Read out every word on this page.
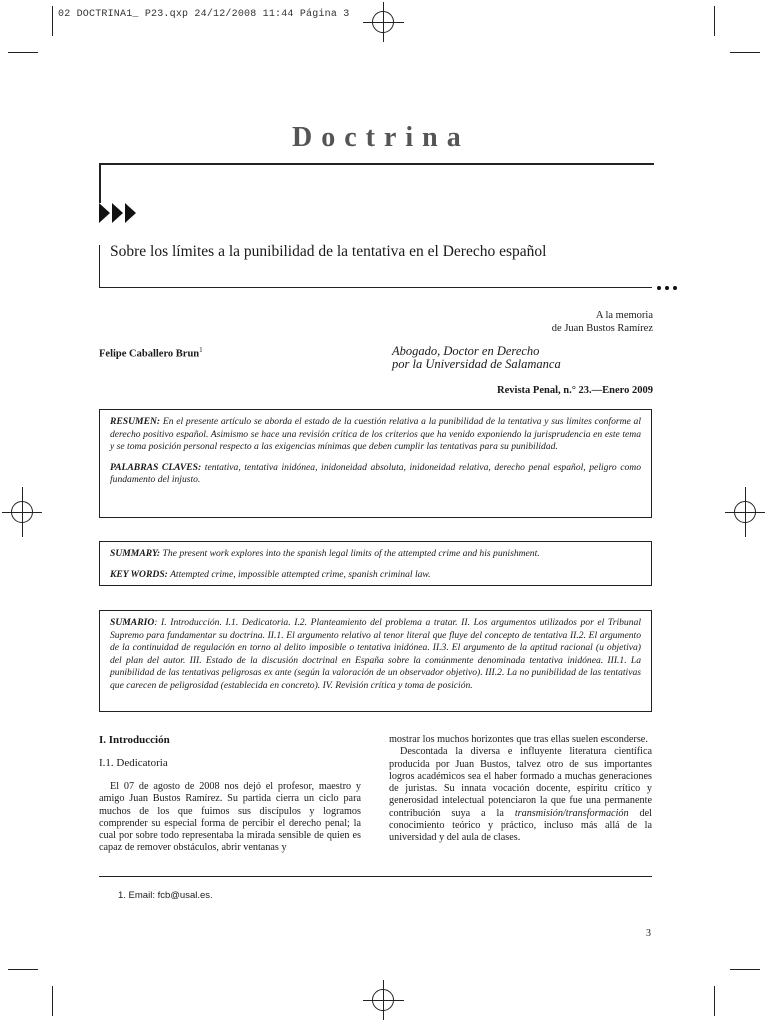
02 DOCTRINA1_ P23.qxp 24/12/2008 11:44 Página 3
Doctrina
Sobre los límites a la punibilidad de la tentativa en el Derecho español
A la memoria
de Juan Bustos Ramírez
Felipe Caballero Brun$^1$	Abogado, Doctor en Derecho
por la Universidad de Salamanca
Revista Penal, n.° 23.—Enero 2009

RESUMEN: En el presente artículo se aborda el estado de la cuestión relativa a la punibilidad de la tentativa y sus límites conforme al derecho positivo español. Asimismo se hace una revisión crítica de los criterios que ha venido exponiendo la jurisprudencia en este tema y se toma posición personal respecto a las exigencias mínimas que deben cumplir las tentativas para su punibilidad.

PALABRAS CLAVES: tentativa, tentativa inidónea, inidoneidad absoluta, inidoneidad relativa, derecho penal español, peligro como fundamento del injusto.

SUMMARY: The present work explores into the spanish legal limits of the attempted crime and his punishment.

KEY WORDS: Attempted crime, impossible attempted crime, spanish criminal law.

SUMARIO: I. Introducción. I.1. Dedicatoria. I.2. Planteamiento del problema a tratar. II. Los argumentos utilizados por el Tribunal Supremo para fundamentar su doctrina. II.1. El argumento relativo al tenor literal que fluye del concepto de tentativa II.2. El argumento de la continuidad de regulación en torno al delito imposible o tentativa inidónea. II.3. El argumento de la aptitud racional (u objetiva) del plan del autor. III. Estado de la discusión doctrinal en España sobre la comúnmente denominada tentativa inidónea. III.1. La punibilidad de las tentativas peligrosas ex ante (según la valoración de un observador objetivo). III.2. La no punibilidad de las tentativas que carecen de peligrosidad (establecida en concreto). IV. Revisión crítica y toma de posición.

I. Introducción
I.1. Dedicatoria

El 07 de agosto de 2008 nos dejó el profesor, maestro y amigo Juan Bustos Ramírez. Su partida cierra un ciclo para muchos de los que fuimos sus discípulos y logramos comprender su especial forma de percibir el derecho penal; la cual por sobre todo representaba la mirada sensible de quien es capaz de remover obstáculos, abrir ventanas y

mostrar los muchos horizontes que tras ellas suelen esconderse.

Descontada la diversa e influyente literatura científica producida por Juan Bustos, talvez otro de sus importantes logros académicos sea el haber formado a muchas generaciones de juristas. Su innata vocación docente, espíritu crítico y generosidad intelectual potenciaron la que fue una permanente contribución suya a la transmisión/transformación del conocimiento teórico y práctico, incluso más allá de la universidad y del aula de clases.

1. Email: fcb@usal.es.
3
